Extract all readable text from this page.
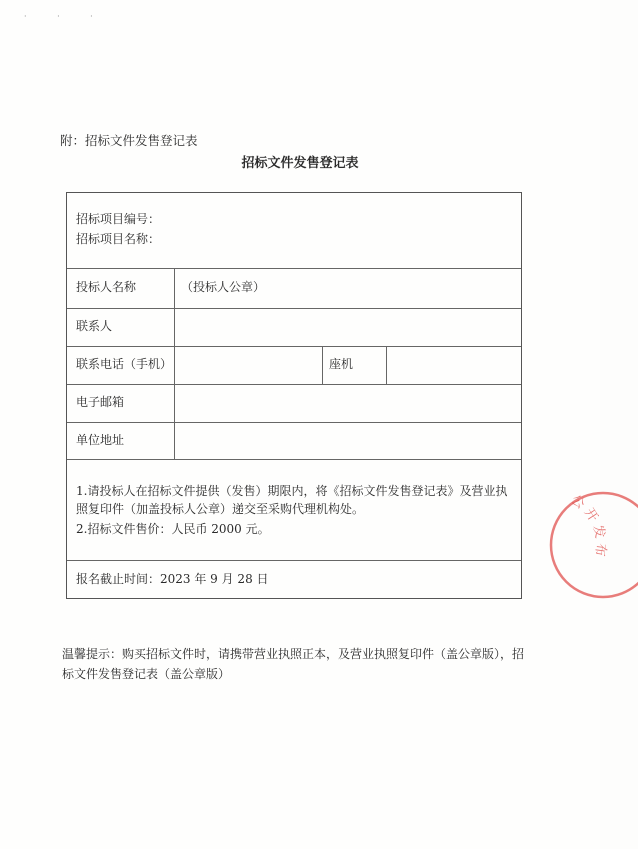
· · ·
附：招标文件发售登记表
招标文件发售登记表
招标项目编号：
招标项目名称：
投标人名称	（投标人公章）
联系人
联系电话（手机）	座机
电子邮箱
单位地址

1.请投标人在招标文件提供（发售）期限内，将《招标文件发售登记表》及营业执照复印件（加盖投标人公章）递交至采购代理机构处。

2.招标文件售价：人民币 2000 元。

报名截止时间：2023 年 9 月 28 日
温馨提示：购买招标文件时，请携带营业执照正本，及营业执照复印件（盖公章版），招标文件发售登记表（盖公章版）
公开发布
